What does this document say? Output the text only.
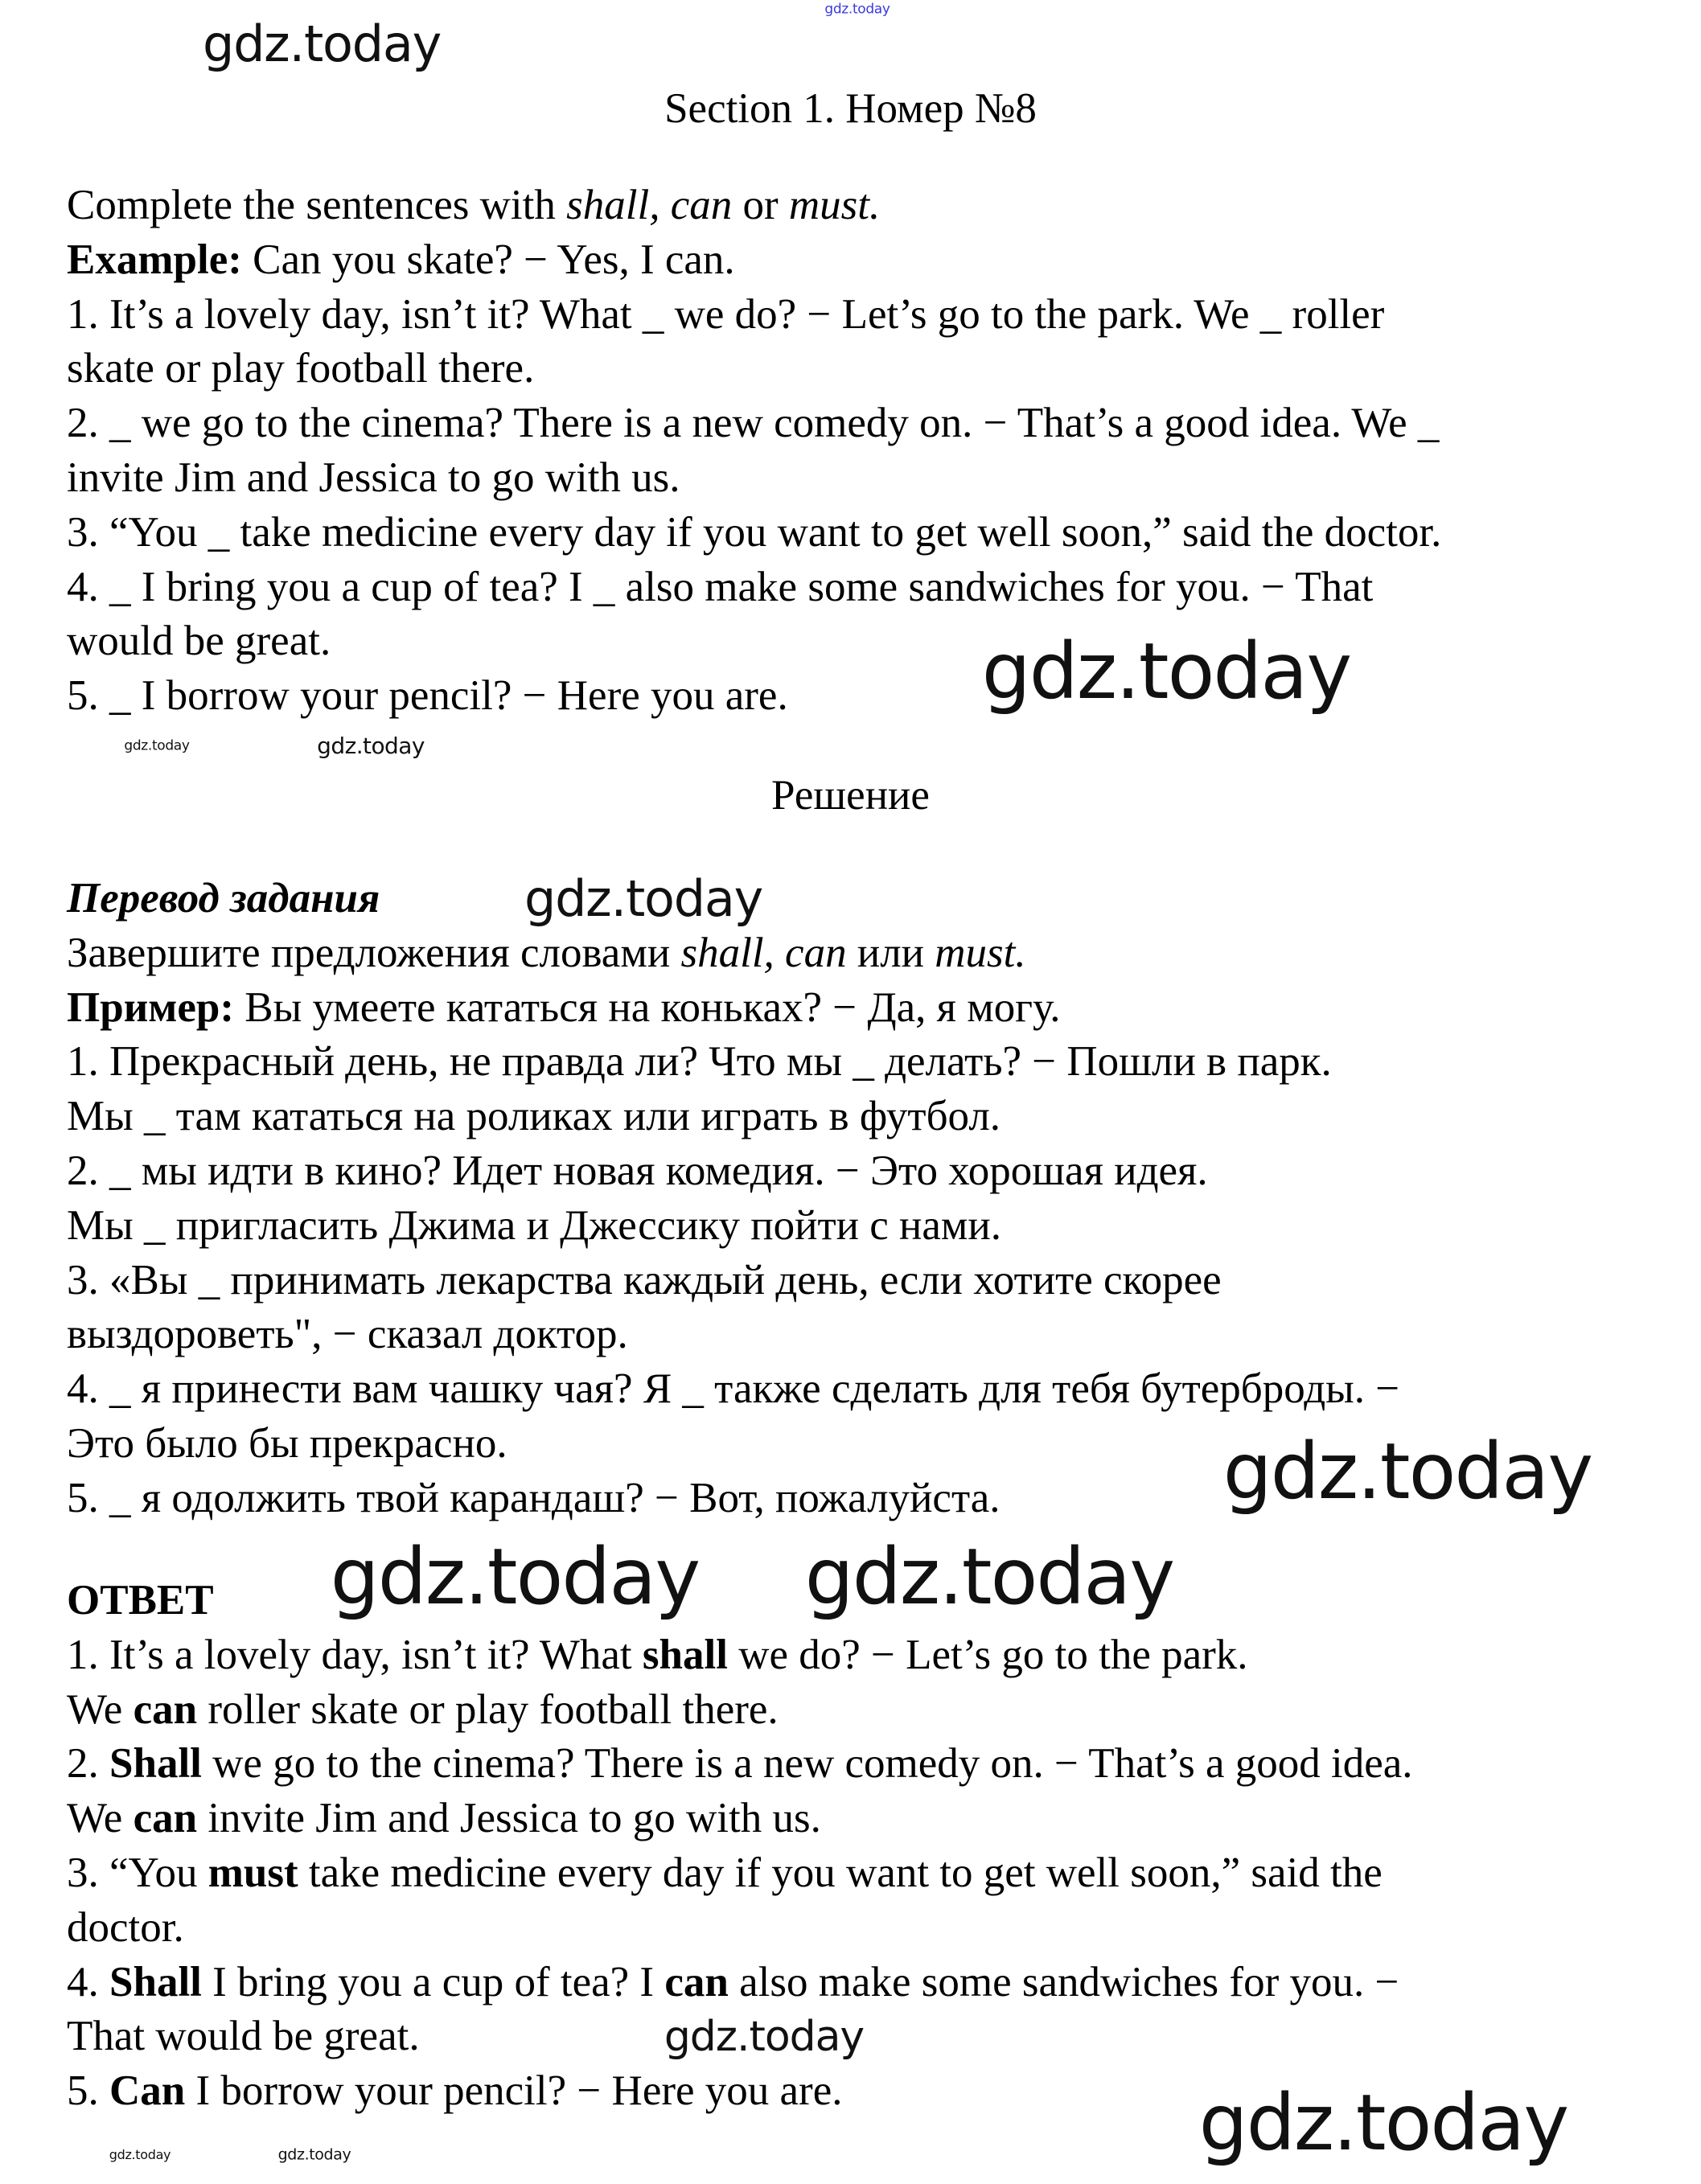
Section 1. Номер №8
Complete the sentences with shall, can or must.
Example: Can you skate? − Yes, I can.
1. It’s a lovely day, isn’t it? What _ we do? − Let’s go to the park. We _ roller
skate or play football there.
2. _ we go to the cinema? There is a new comedy on. − That’s a good idea. We _
invite Jim and Jessica to go with us.
3. “You _ take medicine every day if you want to get well soon,” said the doctor.
4. _ I bring you a cup of tea? I _ also make some sandwiches for you. − That
would be great.
5. _ I borrow your pencil? − Here you are.
Решение
Перевод задания
Завершите предложения словами shall, can или must.
Пример: Вы умеете кататься на коньках? − Да, я могу.
1. Прекрасный день, не правда ли? Что мы _ делать? − Пошли в парк.
Мы _ там кататься на роликах или играть в футбол.
2. _ мы идти в кино? Идет новая комедия. − Это хорошая идея.
Мы _ пригласить Джима и Джессику пойти с нами.
3. «Вы _ принимать лекарства каждый день, если хотите скорее
выздороветь", − сказал доктор.
4. _ я принести вам чашку чая? Я _ также сделать для тебя бутерброды. −
Это было бы прекрасно.
5. _ я одолжить твой карандаш? − Вот, пожалуйста.
ОТВЕТ
1. It’s a lovely day, isn’t it? What shall we do? − Let’s go to the park.
We can roller skate or play football there.
2. Shall we go to the cinema? There is a new comedy on. − That’s a good idea.
We can invite Jim and Jessica to go with us.
3. “You must take medicine every day if you want to get well soon,” said the
doctor.
4. Shall I bring you a cup of tea? I can also make some sandwiches for you. −
That would be great.
5. Can I borrow your pencil? − Here you are.
gdz.today
gdz.today
gdz.today
gdz.today	gdz.today
gdz.today
gdz.today
gdz.today gdz.today
gdz.today	gdz.today
gdz.today
gdz.today
